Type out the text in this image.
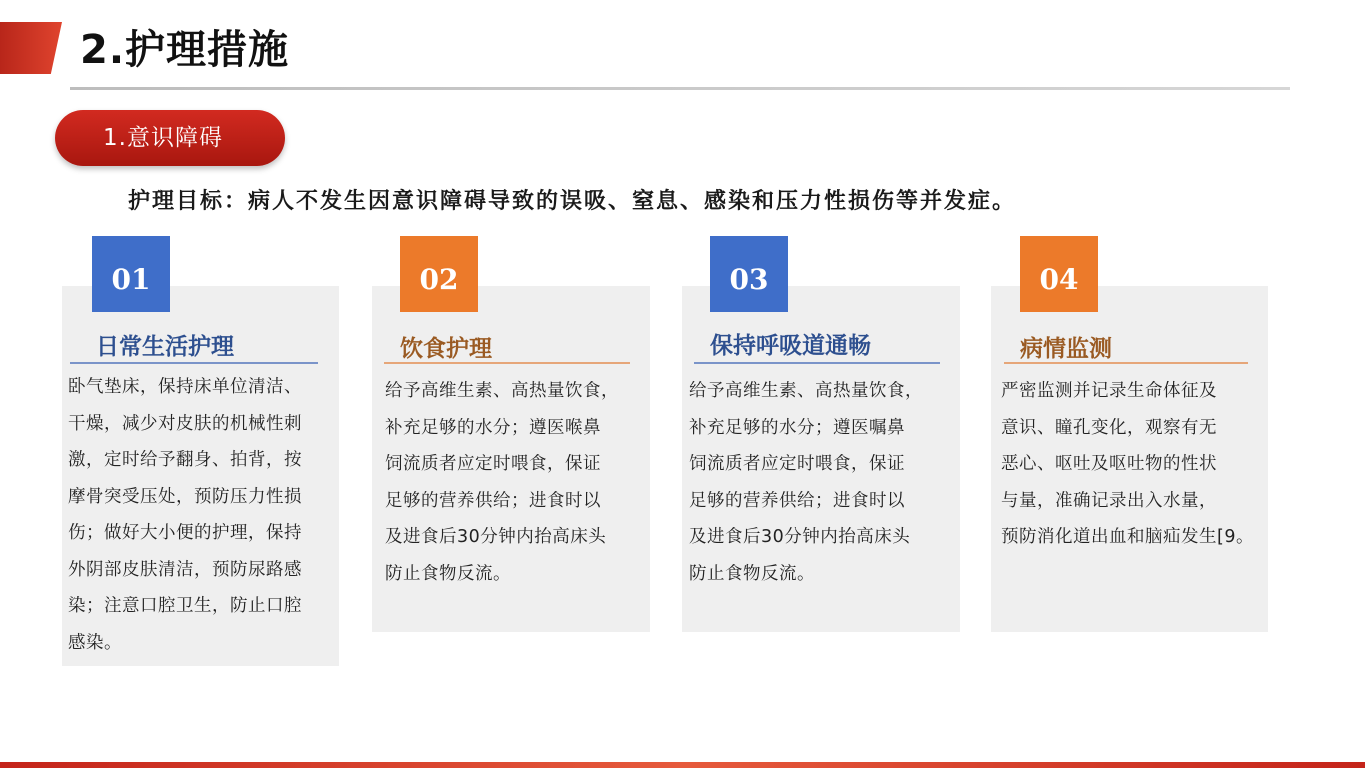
2.护理措施
1.意识障碍
护理目标：病人不发生因意识障碍导致的误吸、窒息、感染和压力性损伤等并发症。
01
日常生活护理
卧气垫床，保持床单位清洁、
干燥，减少对皮肤的机械性刺
激，定时给予翻身、拍背，按
摩骨突受压处，预防压力性损
伤；做好大小便的护理，保持
外阴部皮肤清洁，预防尿路感
染；注意口腔卫生，防止口腔
感染。
02
饮食护理
给予高维生素、高热量饮食，
补充足够的水分；遵医喉鼻
饲流质者应定时喂食，保证
足够的营养供给；进食时以
及进食后30分钟内抬高床头
防止食物反流。
03
保持呼吸道通畅
给予高维生素、高热量饮食，
补充足够的水分；遵医嘱鼻
饲流质者应定时喂食，保证
足够的营养供给；进食时以
及进食后30分钟内抬高床头
防止食物反流。
04
病情监测
严密监测并记录生命体征及
意识、瞳孔变化，观察有无
恶心、呕吐及呕吐物的性状
与量，准确记录出入水量，
预防消化道出血和脑疝发生[9。
